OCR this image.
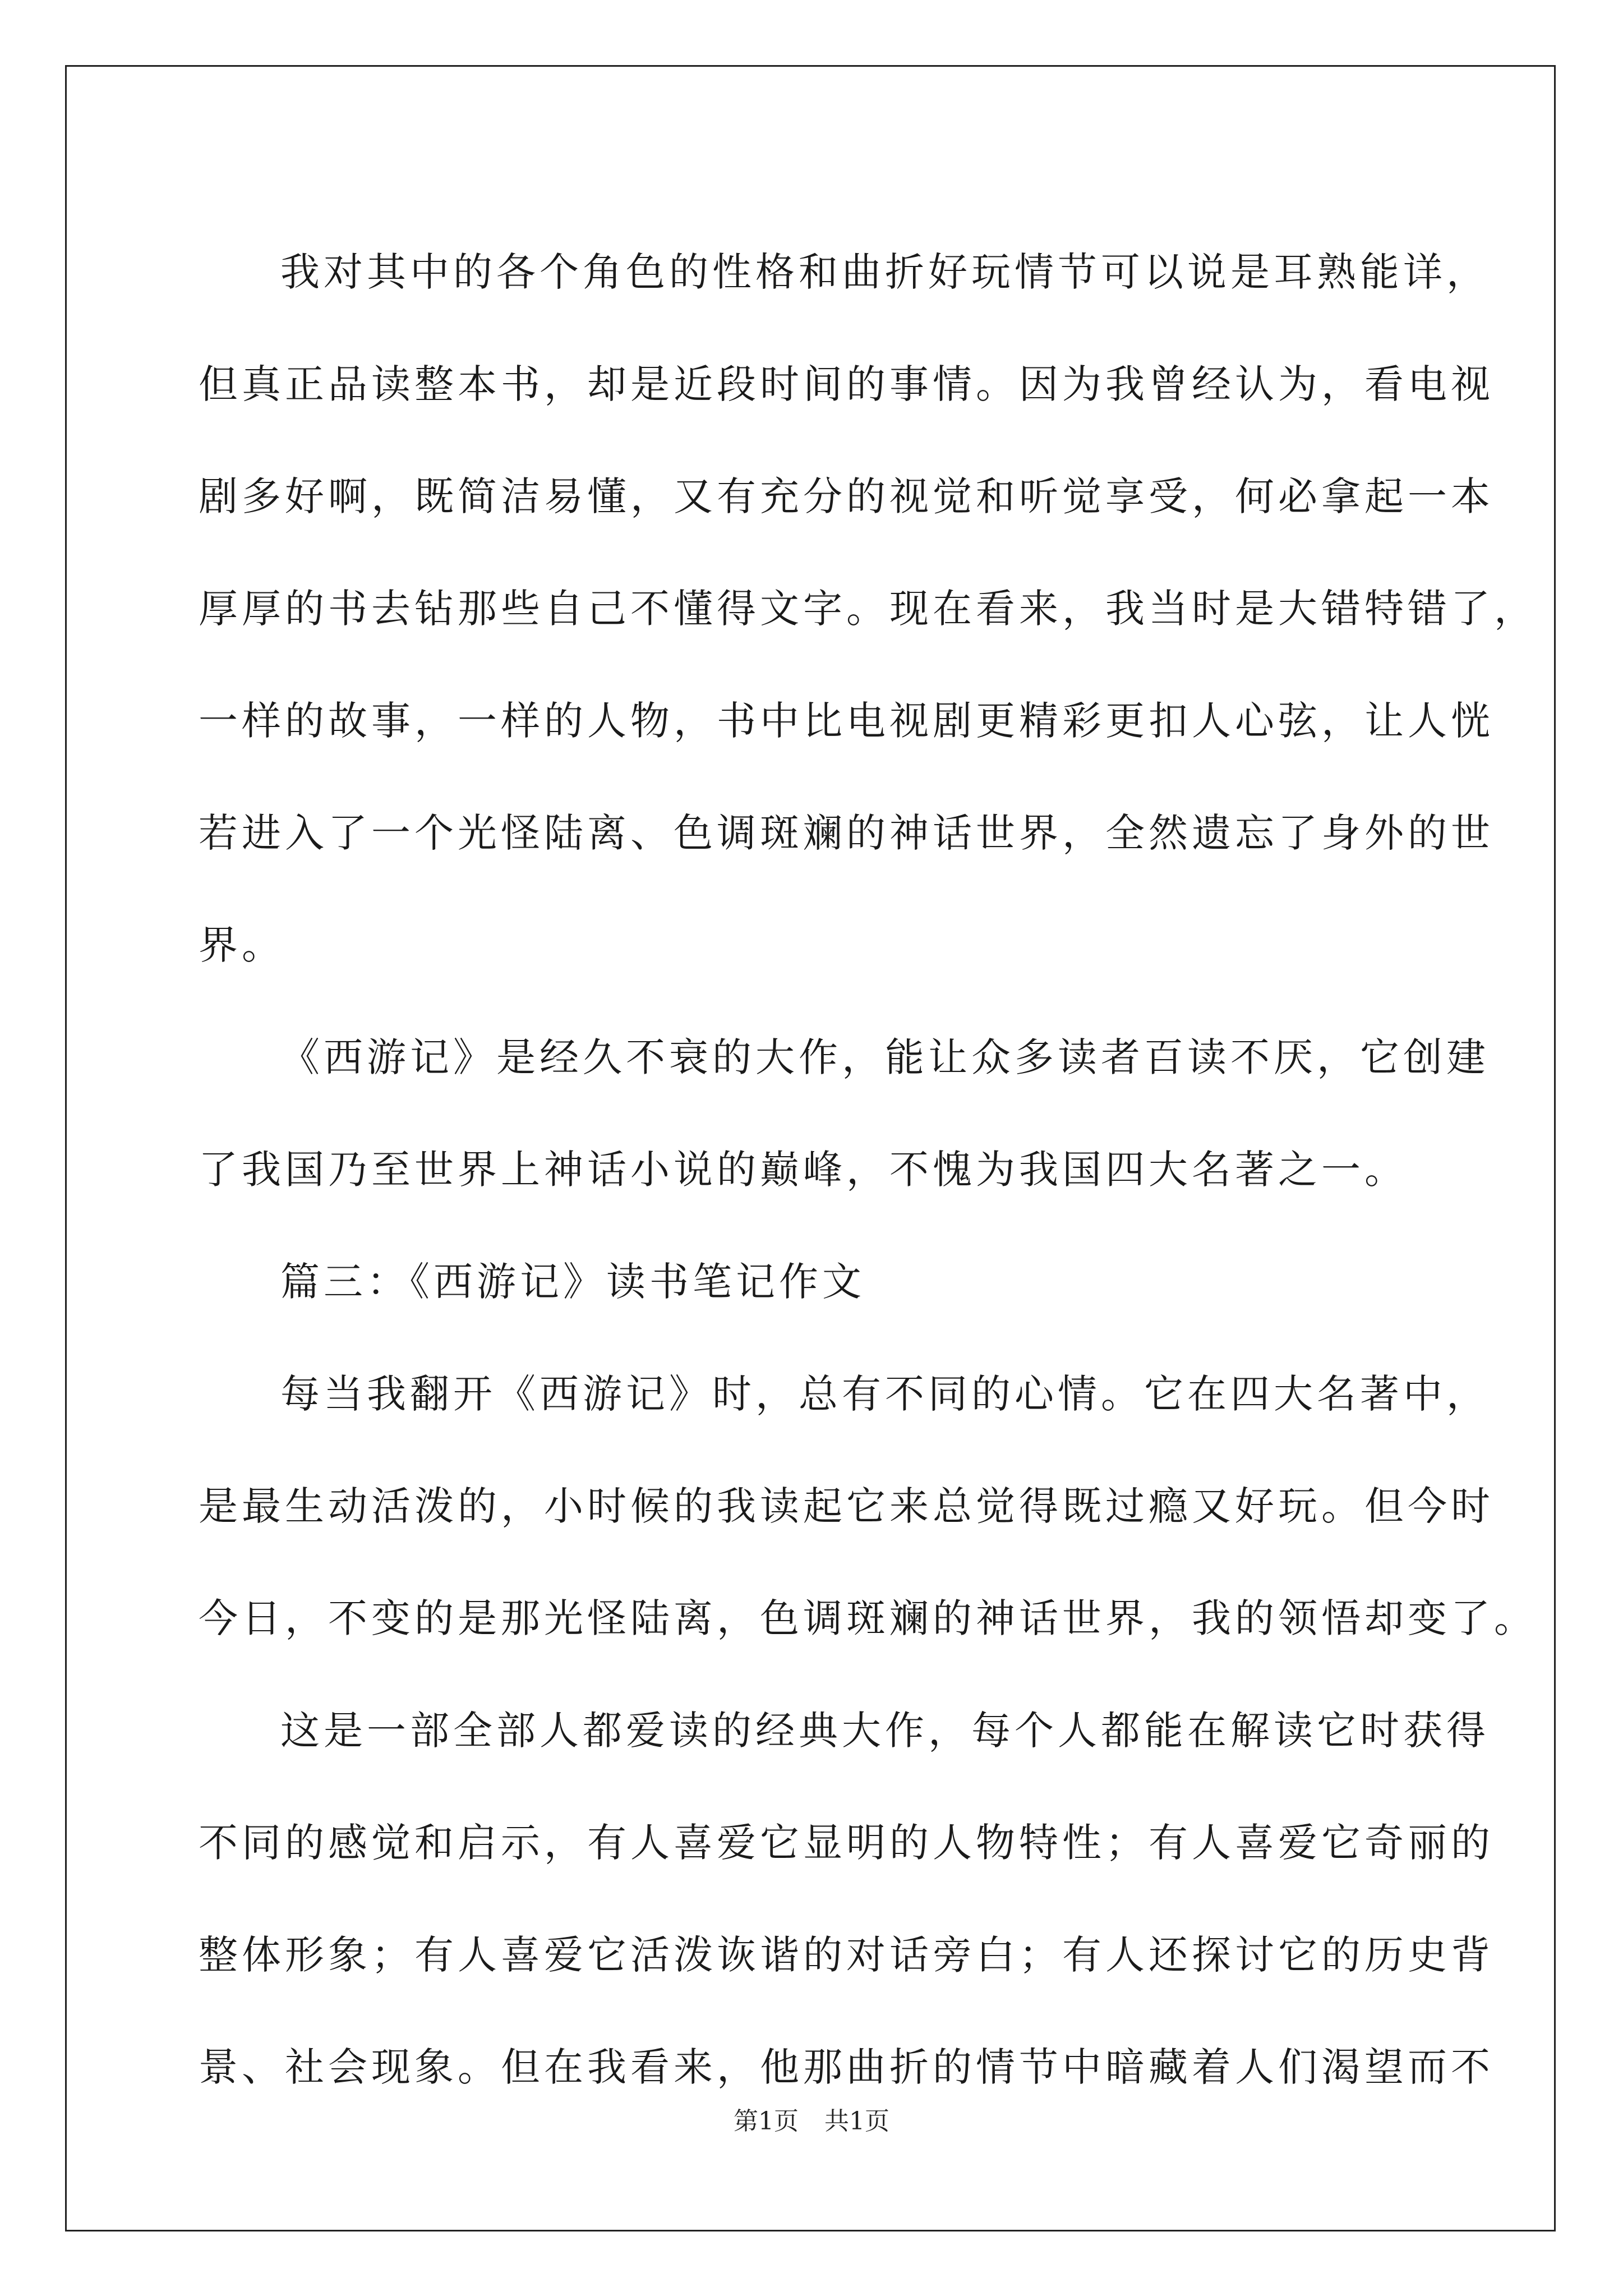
我对其中的各个角色的性格和曲折好玩情节可以说是耳熟能详，
但真正品读整本书，却是近段时间的事情。因为我曾经认为，看电视
剧多好啊，既简洁易懂，又有充分的视觉和听觉享受，何必拿起一本
厚厚的书去钻那些自己不懂得文字。现在看来，我当时是大错特错了，
一样的故事，一样的人物，书中比电视剧更精彩更扣人心弦，让人恍
若进入了一个光怪陆离、色调斑斓的神话世界，全然遗忘了身外的世
界。
《西游记》是经久不衰的大作，能让众多读者百读不厌，它创建
了我国乃至世界上神话小说的巅峰，不愧为我国四大名著之一。
篇三：《西游记》读书笔记作文
每当我翻开《西游记》时，总有不同的心情。它在四大名著中，
是最生动活泼的，小时候的我读起它来总觉得既过瘾又好玩。但今时
今日，不变的是那光怪陆离，色调斑斓的神话世界，我的领悟却变了。
这是一部全部人都爱读的经典大作，每个人都能在解读它时获得
不同的感觉和启示，有人喜爱它显明的人物特性；有人喜爱它奇丽的
整体形象；有人喜爱它活泼诙谐的对话旁白；有人还探讨它的历史背
景、社会现象。但在我看来，他那曲折的情节中暗藏着人们渴望而不
第1页 共1页
